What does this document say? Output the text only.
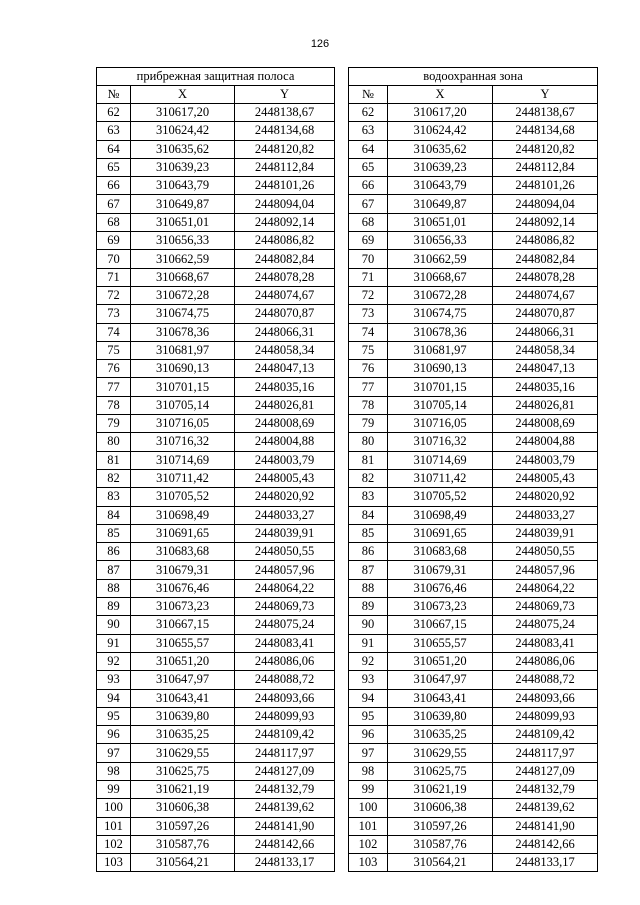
126
прибрежная защитная полоса				водоохранная зона		
№	X	Y		№	X	Y
62	310617,20	2448138,67		62	310617,20	2448138,67
63	310624,42	2448134,68		63	310624,42	2448134,68
64	310635,62	2448120,82		64	310635,62	2448120,82
65	310639,23	2448112,84		65	310639,23	2448112,84
66	310643,79	2448101,26		66	310643,79	2448101,26
67	310649,87	2448094,04		67	310649,87	2448094,04
68	310651,01	2448092,14		68	310651,01	2448092,14
69	310656,33	2448086,82		69	310656,33	2448086,82
70	310662,59	2448082,84		70	310662,59	2448082,84
71	310668,67	2448078,28		71	310668,67	2448078,28
72	310672,28	2448074,67		72	310672,28	2448074,67
73	310674,75	2448070,87		73	310674,75	2448070,87
74	310678,36	2448066,31		74	310678,36	2448066,31
75	310681,97	2448058,34		75	310681,97	2448058,34
76	310690,13	2448047,13		76	310690,13	2448047,13
77	310701,15	2448035,16		77	310701,15	2448035,16
78	310705,14	2448026,81		78	310705,14	2448026,81
79	310716,05	2448008,69		79	310716,05	2448008,69
80	310716,32	2448004,88		80	310716,32	2448004,88
81	310714,69	2448003,79		81	310714,69	2448003,79
82	310711,42	2448005,43		82	310711,42	2448005,43
83	310705,52	2448020,92		83	310705,52	2448020,92
84	310698,49	2448033,27		84	310698,49	2448033,27
85	310691,65	2448039,91		85	310691,65	2448039,91
86	310683,68	2448050,55		86	310683,68	2448050,55
87	310679,31	2448057,96		87	310679,31	2448057,96
88	310676,46	2448064,22		88	310676,46	2448064,22
89	310673,23	2448069,73		89	310673,23	2448069,73
90	310667,15	2448075,24		90	310667,15	2448075,24
91	310655,57	2448083,41		91	310655,57	2448083,41
92	310651,20	2448086,06		92	310651,20	2448086,06
93	310647,97	2448088,72		93	310647,97	2448088,72
94	310643,41	2448093,66		94	310643,41	2448093,66
95	310639,80	2448099,93		95	310639,80	2448099,93
96	310635,25	2448109,42		96	310635,25	2448109,42
97	310629,55	2448117,97		97	310629,55	2448117,97
98	310625,75	2448127,09		98	310625,75	2448127,09
99	310621,19	2448132,79		99	310621,19	2448132,79
100	310606,38	2448139,62		100	310606,38	2448139,62
101	310597,26	2448141,90		101	310597,26	2448141,90
102	310587,76	2448142,66		102	310587,76	2448142,66
103	310564,21	2448133,17		103	310564,21	2448133,17
